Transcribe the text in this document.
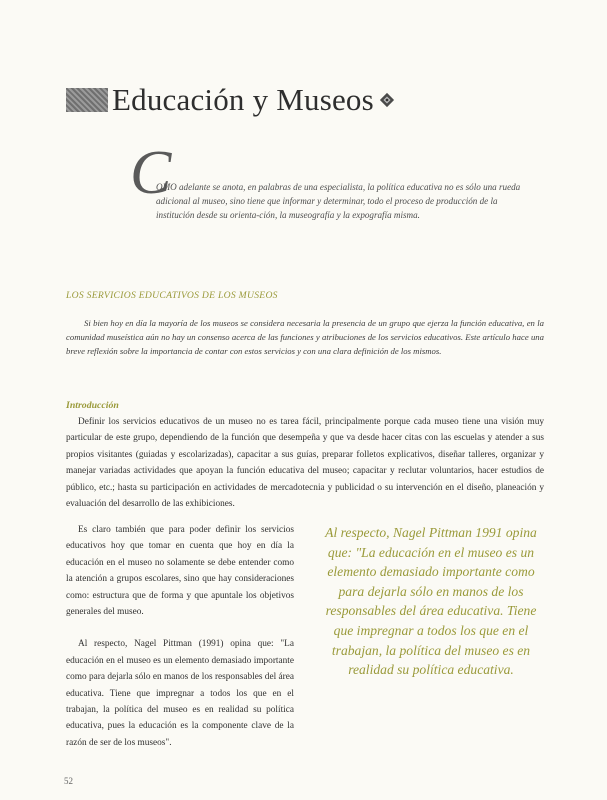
Educación y Museos
C
OMO adelante se anota, en palabras de una especialista, la política educativa no es sólo una rueda adicional al museo, sino tiene que informar y determinar, todo el proceso de producción de la institución desde su orienta-ción, la museografía y la expografía misma.
LOS SERVICIOS EDUCATIVOS DE LOS MUSEOS
Si bien hoy en día la mayoría de los museos se considera necesaria la presencia de un grupo que ejerza la función educativa, en la comunidad museística aún no hay un consenso acerca de las funciones y atribuciones de los servicios educativos. Este artículo hace una breve reflexión sobre la importancia de contar con estos servicios y con una clara definición de los mismos.
Introducción
Definir los servicios educativos de un museo no es tarea fácil, principalmente porque cada museo tiene una visión muy particular de este grupo, dependiendo de la función que desempeña y que va desde hacer citas con las escuelas y atender a sus propios visitantes (guiadas y escolarizadas), capacitar a sus guías, preparar folletos explicativos, diseñar talleres, organizar y manejar variadas actividades que apoyan la función educativa del museo; capacitar y reclutar voluntarios, hacer estudios de público, etc.; hasta su participación en actividades de mercadotecnia y publicidad o su intervención en el diseño, planeación y evaluación del desarrollo de las exhibiciones.

Es claro también que para poder definir los servicios educativos hoy que tomar en cuenta que hoy en día la educación en el museo no solamente se debe entender como la atención a grupos escolares, sino que hay consideraciones como: estructura que de forma y que apuntale los objetivos generales del museo.

Al respecto, Nagel Pittman (1991) opina que: "La educación en el museo es un elemento demasiado importante como para dejarla sólo en manos de los responsables del área educativa. Tiene que impregnar a todos los que en el trabajan, la política del museo es en realidad su política educativa, pues la educación es la componente clave de la razón de ser de los museos".

Al respecto, Nagel Pittman 1991 opina que: "La educación en el museo es un elemento demasiado importante como para dejarla sólo en manos de los responsables del área educativa. Tiene que impregnar a todos los que en el trabajan, la política del museo es en realidad su política educativa.
52
